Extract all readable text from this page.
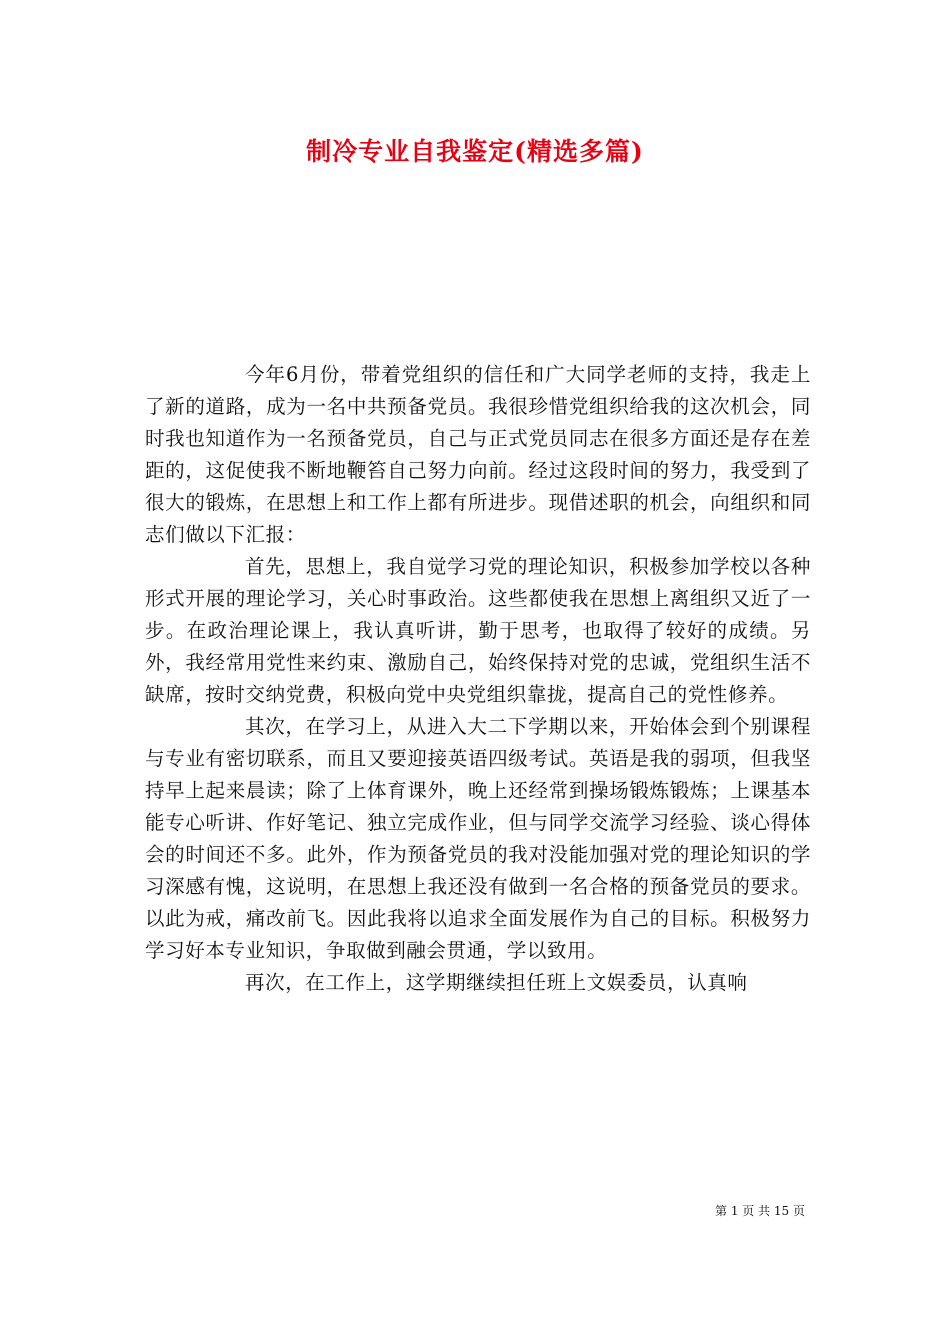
制冷专业自我鉴定(精选多篇)

今年6月份，带着党组织的信任和广大同学老师的支持，我走上了新的道路，成为一名中共预备党员。我很珍惜党组织给我的这次机会，同时我也知道作为一名预备党员，自己与正式党员同志在很多方面还是存在差距的，这促使我不断地鞭笞自己努力向前。经过这段时间的努力，我受到了很大的锻炼，在思想上和工作上都有所进步。现借述职的机会，向组织和同志们做以下汇报：

首先，思想上，我自觉学习党的理论知识，积极参加学校以各种形式开展的理论学习，关心时事政治。这些都使我在思想上离组织又近了一步。在政治理论课上，我认真听讲，勤于思考，也取得了较好的成绩。另外，我经常用党性来约束、激励自己，始终保持对党的忠诚，党组织生活不缺席，按时交纳党费，积极向党中央党组织靠拢，提高自己的党性修养。

其次，在学习上，从进入大二下学期以来，开始体会到个别课程与专业有密切联系，而且又要迎接英语四级考试。英语是我的弱项，但我坚持早上起来晨读；除了上体育课外，晚上还经常到操场锻炼锻炼；上课基本能专心听讲、作好笔记、独立完成作业，但与同学交流学习经验、谈心得体会的时间还不多。此外，作为预备党员的我对没能加强对党的理论知识的学习深感有愧，这说明，在思想上我还没有做到一名合格的预备党员的要求。以此为戒，痛改前飞。因此我将以追求全面发展作为自己的目标。积极努力学习好本专业知识，争取做到融会贯通，学以致用。

再次，在工作上，这学期继续担任班上文娱委员，认真响

第 1 页 共 15 页
